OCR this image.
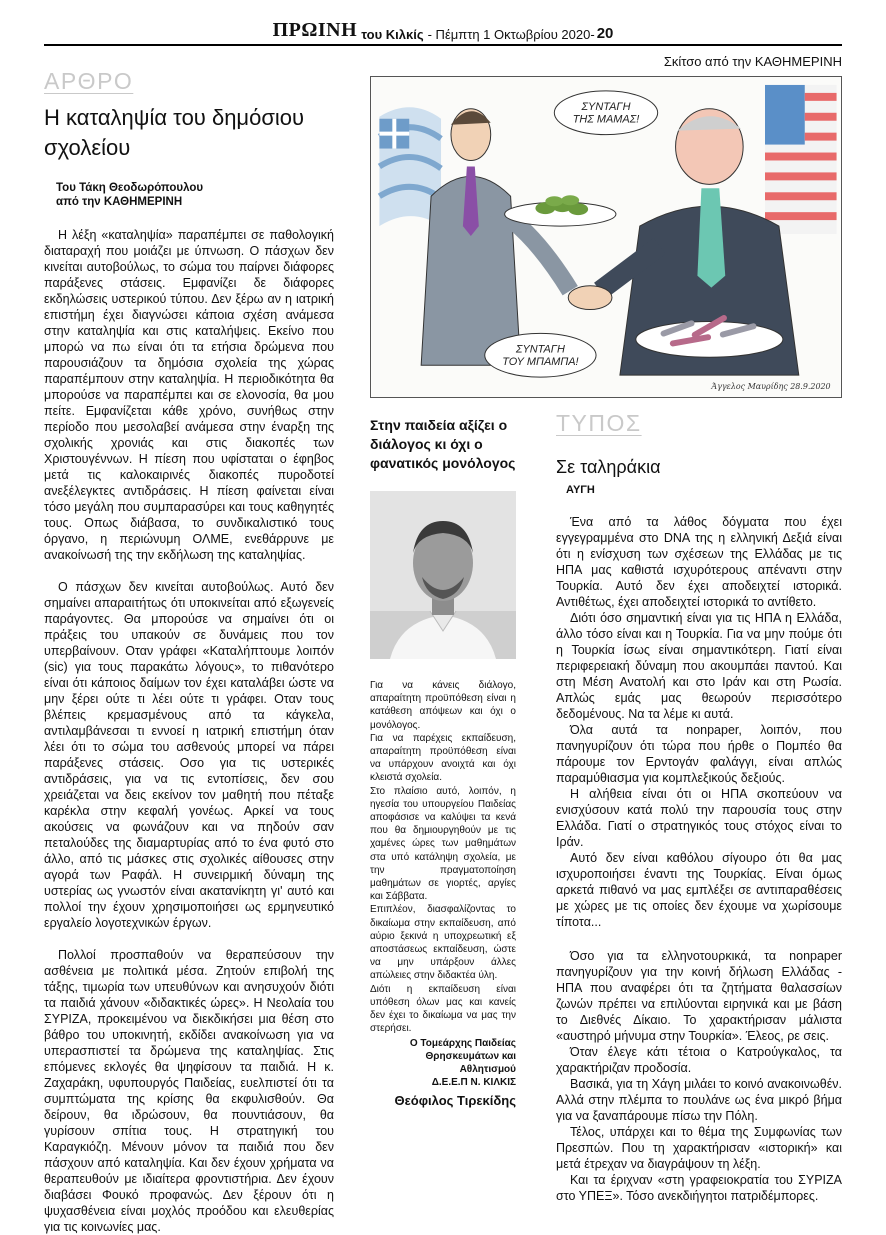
ΠΡΩΙΝΗ του Κιλκίς - Πέμπτη 1 Οκτωβρίου 2020- 20
Σκίτσο από την ΚΑΘΗΜΕΡΙΝΗ
ΑΡΘΡΟ
Η καταληψία του δημόσιου σχολείου
Του Τάκη Θεοδωρόπουλου
από την ΚΑΘΗΜΕΡΙΝΗ

Η λέξη «καταληψία» παραπέμπει σε παθολογική διαταραχή που μοιάζει με ύπνωση. Ο πάσχων δεν κινείται αυτοβούλως, το σώμα του παίρνει διάφορες παράξενες στάσεις. Εμφανίζει δε διάφορες εκδηλώσεις υστερικού τύπου. Δεν ξέρω αν η ιατρική επιστήμη έχει διαγνώσει κάποια σχέση ανάμεσα στην καταληψία και στις καταλήψεις. Εκείνο που μπορώ να πω είναι ότι τα ετήσια δρώμενα που παρουσιάζουν τα δημόσια σχολεία της χώρας παραπέμπουν στην καταληψία. Η περιοδικότητα θα μπορούσε να παραπέμπει και σε ελονοσία, θα μου πείτε. Εμφανίζεται κάθε χρόνο, συνήθως στην περίοδο που μεσολαβεί ανάμεσα στην έναρξη της σχολικής χρονιάς και στις διακοπές των Χριστουγέννων. Η πίεση που υφίσταται ο έφηβος μετά τις καλοκαιρινές διακοπές πυροδοτεί ανεξέλεγκτες αντιδράσεις. Η πίεση φαίνεται είναι τόσο μεγάλη που συμπαρασύρει και τους καθηγητές τους. Οπως διάβασα, το συνδικαλιστικό τους όργανο, η περιώνυμη ΟΛΜΕ, ενεθάρρυνε με ανακοίνωσή της την εκδήλωση της καταληψίας.

Ο πάσχων δεν κινείται αυτοβούλως. Αυτό δεν σημαίνει απαραιτήτως ότι υποκινείται από εξωγενείς παράγοντες. Θα μπορούσε να σημαίνει ότι οι πράξεις του υπακούν σε δυνάμεις που τον υπερβαίνουν. Οταν γράφει «Καταλήπτουμε λοιπόν (sic) για τους παρακάτω λόγους», το πιθανότερο είναι ότι κάποιος δαίμων τον έχει καταλάβει ώστε να μην ξέρει ούτε τι λέει ούτε τι γράφει. Οταν τους βλέπεις κρεμασμένους από τα κάγκελα, αντιλαμβάνεσαι τι εννοεί η ιατρική επιστήμη όταν λέει ότι το σώμα του ασθενούς μπορεί να πάρει παράξενες στάσεις. Οσο για τις υστερικές αντιδράσεις, για να τις εντοπίσεις, δεν σου χρειάζεται να δεις εκείνον τον μαθητή που πέταξε καρέκλα στην κεφαλή γονέως. Αρκεί να τους ακούσεις να φωνάζουν και να πηδούν σαν πεταλούδες της διαμαρτυρίας από το ένα φυτό στο άλλο, από τις μάσκες στις σχολικές αίθουσες στην αγορά των Ραφάλ. Η συνειρμική δύναμη της υστερίας ως γνωστόν είναι ακατανίκητη γι' αυτό και πολλοί την έχουν χρησιμοποιήσει ως ερμηνευτικό εργαλείο λογοτεχνικών έργων.

Πολλοί προσπαθούν να θεραπεύσουν την ασθένεια με πολιτικά μέσα. Ζητούν επιβολή της τάξης, τιμωρία των υπευθύνων και ανησυχούν διότι τα παιδιά χάνουν «διδακτικές ώρες». Η Νεολαία του ΣΥΡΙΖΑ, προκειμένου να διεκδικήσει μια θέση στο βάθρο του υποκινητή, εκδίδει ανακοίνωση για να υπερασπιστεί τα δρώμενα της καταληψίας. Στις επόμενες εκλογές θα ψηφίσουν τα παιδιά. Η κ. Ζαχαράκη, υφυπουργός Παιδείας, ευελπιστεί ότι τα συμπτώματα της κρίσης θα εκφυλισθούν. Θα δείρουν, θα ιδρώσουν, θα πουντιάσουν, θα γυρίσουν σπίτια τους. Η στρατηγική του Καραγκιόζη. Μένουν μόνον τα παιδιά που δεν πάσχουν από καταληψία. Και δεν έχουν χρήματα να θεραπευθούν με ιδιαίτερα φροντιστήρια. Δεν έχουν διαβάσει Φουκό προφανώς. Δεν ξέρουν ότι η ψυχασθένεια είναι μοχλός προόδου και ελευθερίας για τις κοινωνίες μας.

ΣΥΝΤΑΓΗ
ΤΗΣ ΜΑΜΑΣ!
ΣΥΝΤΑΓΗ
ΤΟΥ ΜΠΑΜΠΑ!
Άγγελος Μαυρίδης 28.9.2020
Στην παιδεία αξίζει ο διάλογος κι όχι ο φανατικός μονόλογος

Για να κάνεις διάλογο, απαραίτητη προϋπόθεση είναι η κατάθεση απόψεων και όχι ο μονόλογος.

Για να παρέχεις εκπαίδευση, απαραίτητη προϋπόθεση είναι να υπάρχουν ανοιχτά και όχι κλειστά σχολεία.

Στο πλαίσιο αυτό, λοιπόν, η ηγεσία του υπουργείου Παιδείας αποφάσισε να καλύψει τα κενά που θα δημιουργηθούν με τις χαμένες ώρες των μαθημάτων στα υπό κατάληψη σχολεία, με την πραγματοποίηση μαθημάτων σε γιορτές, αργίες και Σάββατα.

Επιπλέον, διασφαλίζοντας το δικαίωμα στην εκπαίδευση, από αύριο ξεκινά η υποχρεωτική εξ αποστάσεως εκπαίδευση, ώστε να μην υπάρξουν άλλες απώλειες στην διδακτέα ύλη.

Διότι η εκπαίδευση είναι υπόθεση όλων μας και κανείς δεν έχει το δικαίωμα να μας την στερήσει.

Ο Τομεάρχης Παιδείας Θρησκευμάτων και Αθλητισμού
Δ.Ε.Ε.Π Ν. ΚΙΛΚΙΣ
Θεόφιλος Τιρεκίδης
ΤΥΠΟΣ
Σε ταληράκια
ΑΥΓΗ

Ένα από τα λάθος δόγματα που έχει εγγεγραμμένα στο DNA της η ελληνική Δεξιά είναι ότι η ενίσχυση των σχέσεων της Ελλάδας με τις ΗΠΑ μας καθιστά ισχυρότερους απέναντι στην Τουρκία. Αυτό δεν έχει αποδειχτεί ιστορικά. Αντιθέτως, έχει αποδειχτεί ιστορικά το αντίθετο.

Διότι όσο σημαντική είναι για τις ΗΠΑ η Ελλάδα, άλλο τόσο είναι και η Τουρκία. Για να μην πούμε ότι η Τουρκία ίσως είναι σημαντικότερη. Γιατί είναι περιφερειακή δύναμη που ακουμπάει παντού. Και στη Μέση Ανατολή και στο Ιράν και στη Ρωσία. Απλώς εμάς μας θεωρούν περισσότερο δεδομένους. Να τα λέμε κι αυτά.

Όλα αυτά τα nonpaper, λοιπόν, που πανηγυρίζουν ότι τώρα που ήρθε ο Πομπέο θα πάρουμε τον Ερντογάν φαλάγγι, είναι απλώς παραμύθιασμα για κομπλεξικούς δεξιούς.

Η αλήθεια είναι ότι οι ΗΠΑ σκοπεύουν να ενισχύσουν κατά πολύ την παρουσία τους στην Ελλάδα. Γιατί ο στρατηγικός τους στόχος είναι το Ιράν.

Αυτό δεν είναι καθόλου σίγουρο ότι θα μας ισχυροποιήσει έναντι της Τουρκίας. Είναι όμως αρκετά πιθανό να μας εμπλέξει σε αντιπαραθέσεις με χώρες με τις οποίες δεν έχουμε να χωρίσουμε τίποτα...

Όσο για τα ελληνοτουρκικά, τα nonpaper πανηγυρίζουν για την κοινή δήλωση Ελλάδας - ΗΠΑ που αναφέρει ότι τα ζητήματα θαλασσίων ζωνών πρέπει να επιλύονται ειρηνικά και με βάση το Διεθνές Δίκαιο. Το χαρακτήρισαν μάλιστα «αυστηρό μήνυμα στην Τουρκία». Έλεος, ρε σεις.

Όταν έλεγε κάτι τέτοια ο Κατρούγκαλος, τα χαρακτήριζαν προδοσία.

Βασικά, για τη Χάγη μιλάει το κοινό ανακοινωθέν. Αλλά στην πλέμπα το πουλάνε ως ένα μικρό βήμα για να ξαναπάρουμε πίσω την Πόλη.

Τέλος, υπάρχει και το θέμα της Συμφωνίας των Πρεσπών. Που τη χαρακτήρισαν «ιστορική» και μετά έτρεχαν να διαγράψουν τη λέξη.

Και τα έριχναν «στη γραφειοκρατία του ΣΥΡΙΖΑ στο ΥΠΕΞ». Τόσο ανεκδιήγητοι πατριδέμπορες.
